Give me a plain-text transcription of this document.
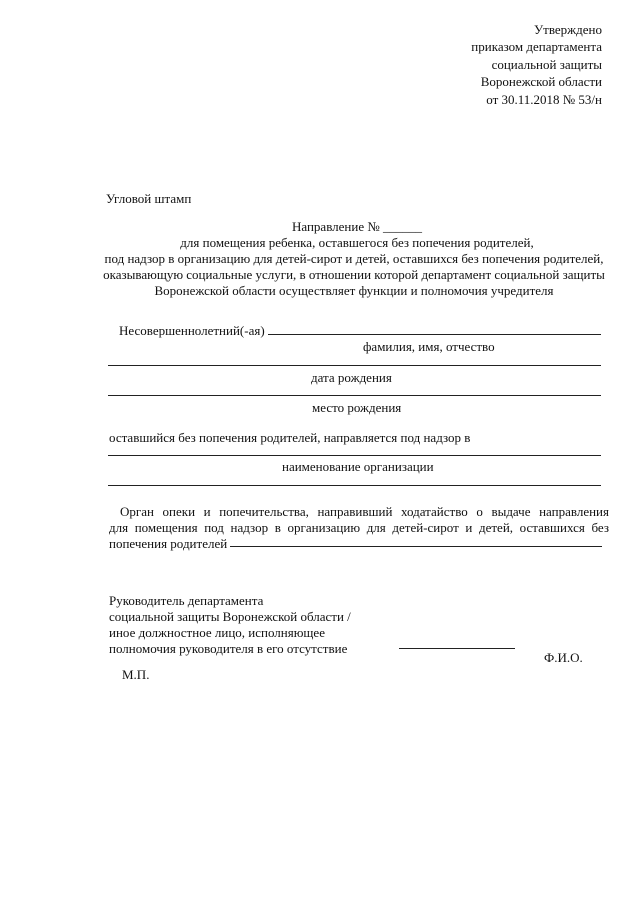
Утверждено
приказом департамента
социальной защиты
Воронежской области
от 30.11.2018 № 53/н
Угловой штамп
Направление № ______
для помещения ребенка, оставшегося без попечения родителей,
под надзор в организацию для детей-сирот и детей, оставшихся без попечения родителей,
оказывающую социальные услуги, в отношении которой департамент социальной защиты
Воронежской области осуществляет функции и полномочия учредителя
Несовершеннолетний(-ая)
фамилия, имя, отчество
дата рождения
место рождения
оставшийся без попечения родителей, направляется под надзор в
наименование организации
Орган опеки и попечительства, направивший ходатайство о выдаче направления
для помещения под надзор в организацию для детей-сирот и детей, оставшихся без
попечения родителей
Руководитель департамента
социальной защиты Воронежской области /
иное должностное лицо, исполняющее
полномочия руководителя в его отсутствие
Ф.И.О.
М.П.
